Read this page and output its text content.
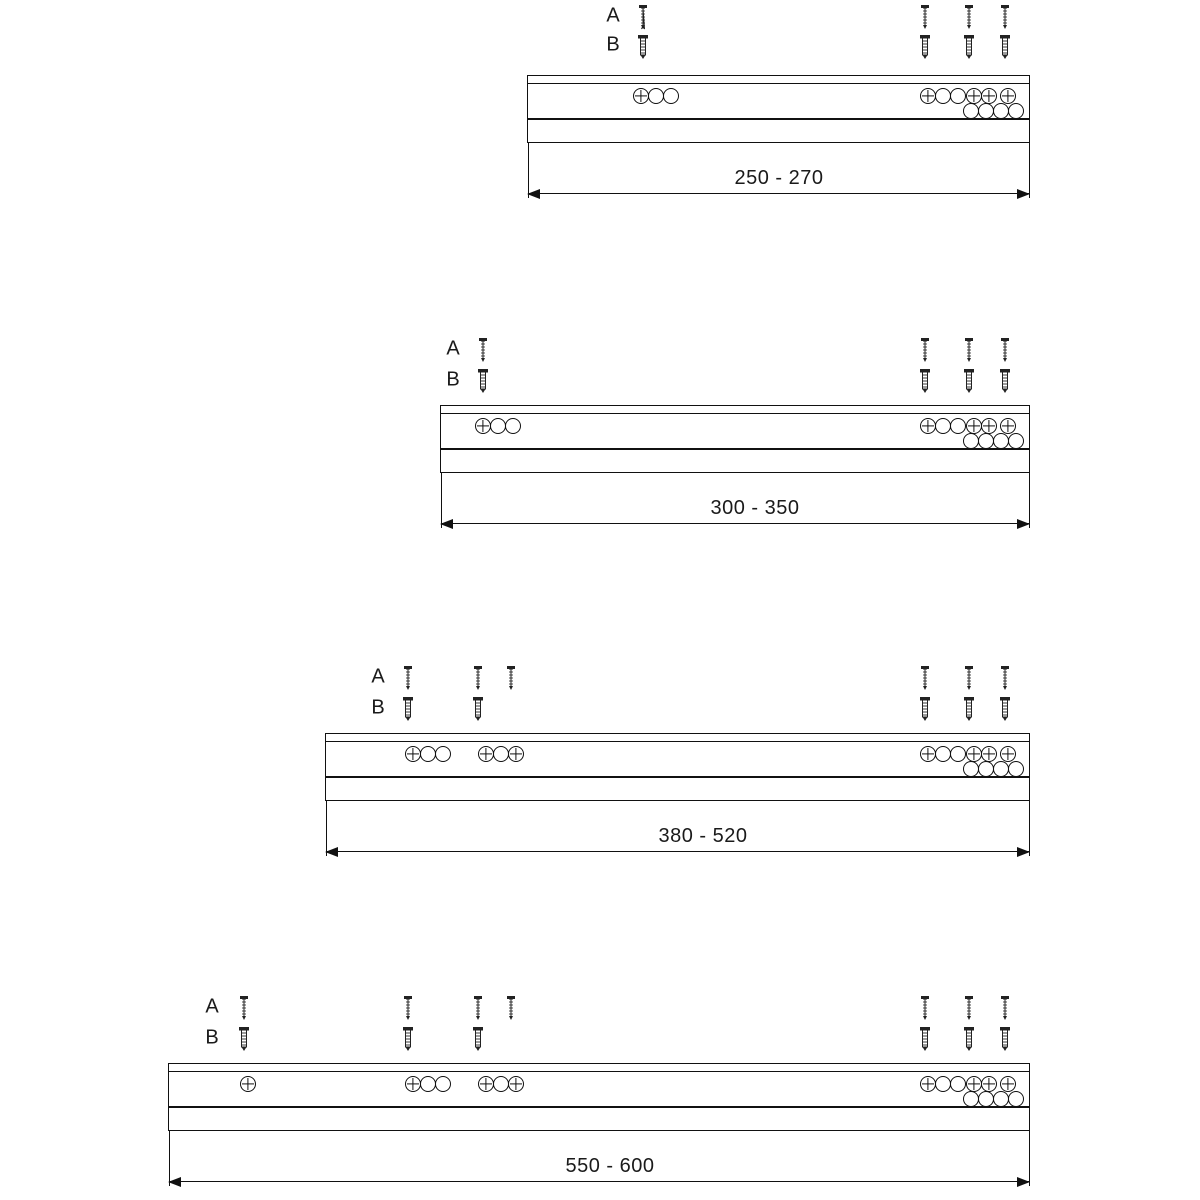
A
B
250 - 270
A
B
300 - 350
A
B
380 - 520
A
B
550 - 600
